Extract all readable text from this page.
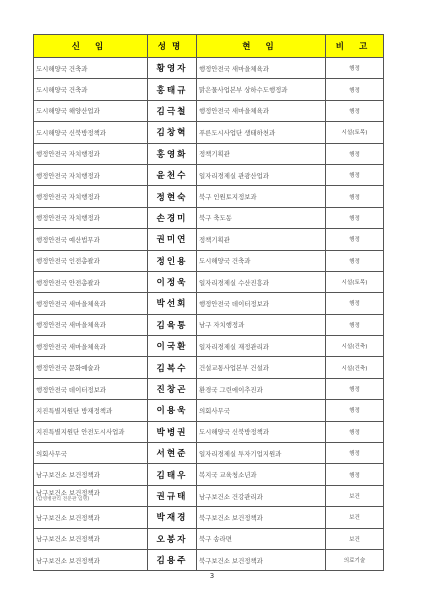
신 임	성명	현 임	비 고
도시해양국 건축과	황영자	행정안전국 새마을체육과	행정
도시해양국 건축과	홍태규	맑은물사업본부 상하수도행정과	행정
도시해양국 해양산업과	김극철	행정안전국 새마을체육과	행정
도시해양국 신북방정책과	김창혁	푸른도시사업단 생태하천과	시설(토목)
행정안전국 자치행정과	홍영화	정책기획관	행정
행정안전국 자치행정과	윤천수	일자리경제실 관광산업과	행정
행정안전국 자치행정과	정현숙	북구 인원토지정보과	행정
행정안전국 자치행정과	손경미	북구 축도동	행정
행정안전국 예산법무과	권미연	정책기획관	행정
행정안전국 인전총괄과	정인용	도시해양국 건축과	행정
행정안전국 안전총괄과	이정욱	일자리경제실 수산진흥과	시설(토목)
행정안전국 새마을체육과	박선회	행정안전국 데이터정보과	행정
행정안전국 새마을체육과	김육통	남구 자치행정과	행정
행정안전국 새마을체육과	이국환	일자리경제실 재정관리과	시설(건축)
행정안전국 문화예술과	김복수	건설교통사업본부 건설과	시설(건축)
행정안전국 데이터정보과	진창곤	환경국 그린에이추진과	행정
지진특별지원단 방재정책과	이용욱	의회사무국	행정
지진특별지원단 안전도시사업과	박병권	도시해양국 신북방정책과	행정
의회사무국	서현준	일자리경제실 투자기업지원과	행정
남구보건소 보건정책과	김태우	복지국 교육청소년과	행정

남구보건소 보건정책과
(감영병관리 전문관 임명)	권규태	남구보건소 건강관리과	보건
남구보건소 보건정책과	박재경	북구보건소 보건정책과	보건
남구보건소 보건정책과	오봉자	북구 송라면	보건
남구보건소 보건정책과	김용주	북구보건소 보건정책과	의료기술
3
